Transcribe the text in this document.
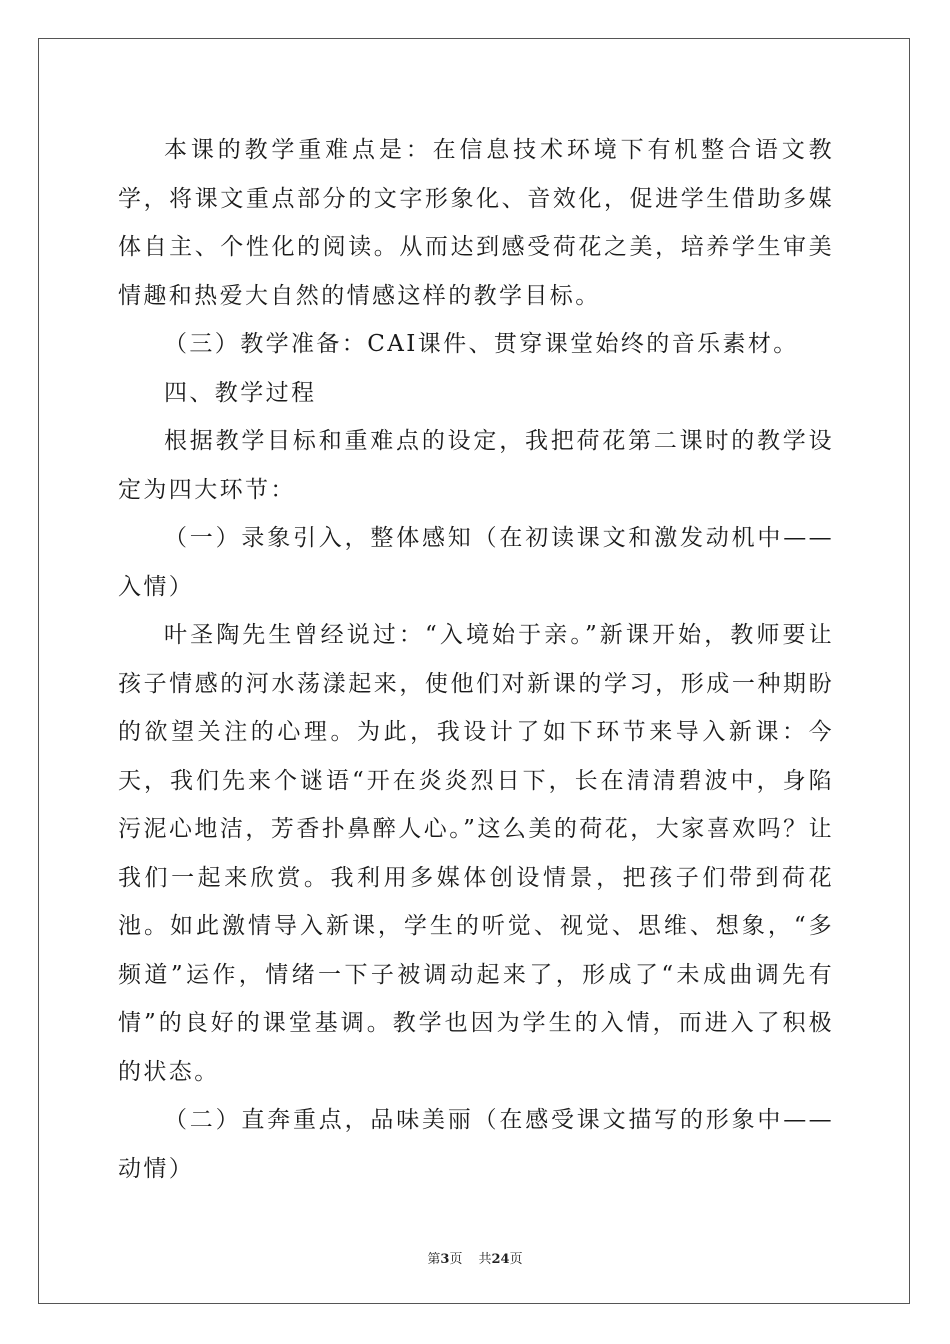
本课的教学重难点是：在信息技术环境下有机整合语文教学，将课文重点部分的文字形象化、音效化，促进学生借助多媒体自主、个性化的阅读。从而达到感受荷花之美，培养学生审美情趣和热爱大自然的情感这样的教学目标。

（三）教学准备：CAI课件、贯穿课堂始终的音乐素材。

四、教学过程

根据教学目标和重难点的设定，我把荷花第二课时的教学设定为四大环节：

（一）录象引入，整体感知（在初读课文和激发动机中——入情）

叶圣陶先生曾经说过：“入境始于亲。”新课开始，教师要让孩子情感的河水荡漾起来，使他们对新课的学习，形成一种期盼的欲望关注的心理。为此，我设计了如下环节来导入新课：今天，我们先来个谜语“开在炎炎烈日下，长在清清碧波中，身陷污泥心地洁，芳香扑鼻醉人心。”这么美的荷花，大家喜欢吗？让我们一起来欣赏。我利用多媒体创设情景，把孩子们带到荷花池。如此激情导入新课，学生的听觉、视觉、思维、想象，“多频道”运作，情绪一下子被调动起来了，形成了“未成曲调先有情”的良好的课堂基调。教学也因为学生的入情，而进入了积极的状态。

（二）直奔重点，品味美丽（在感受课文描写的形象中——动情）

第3页 共24页
